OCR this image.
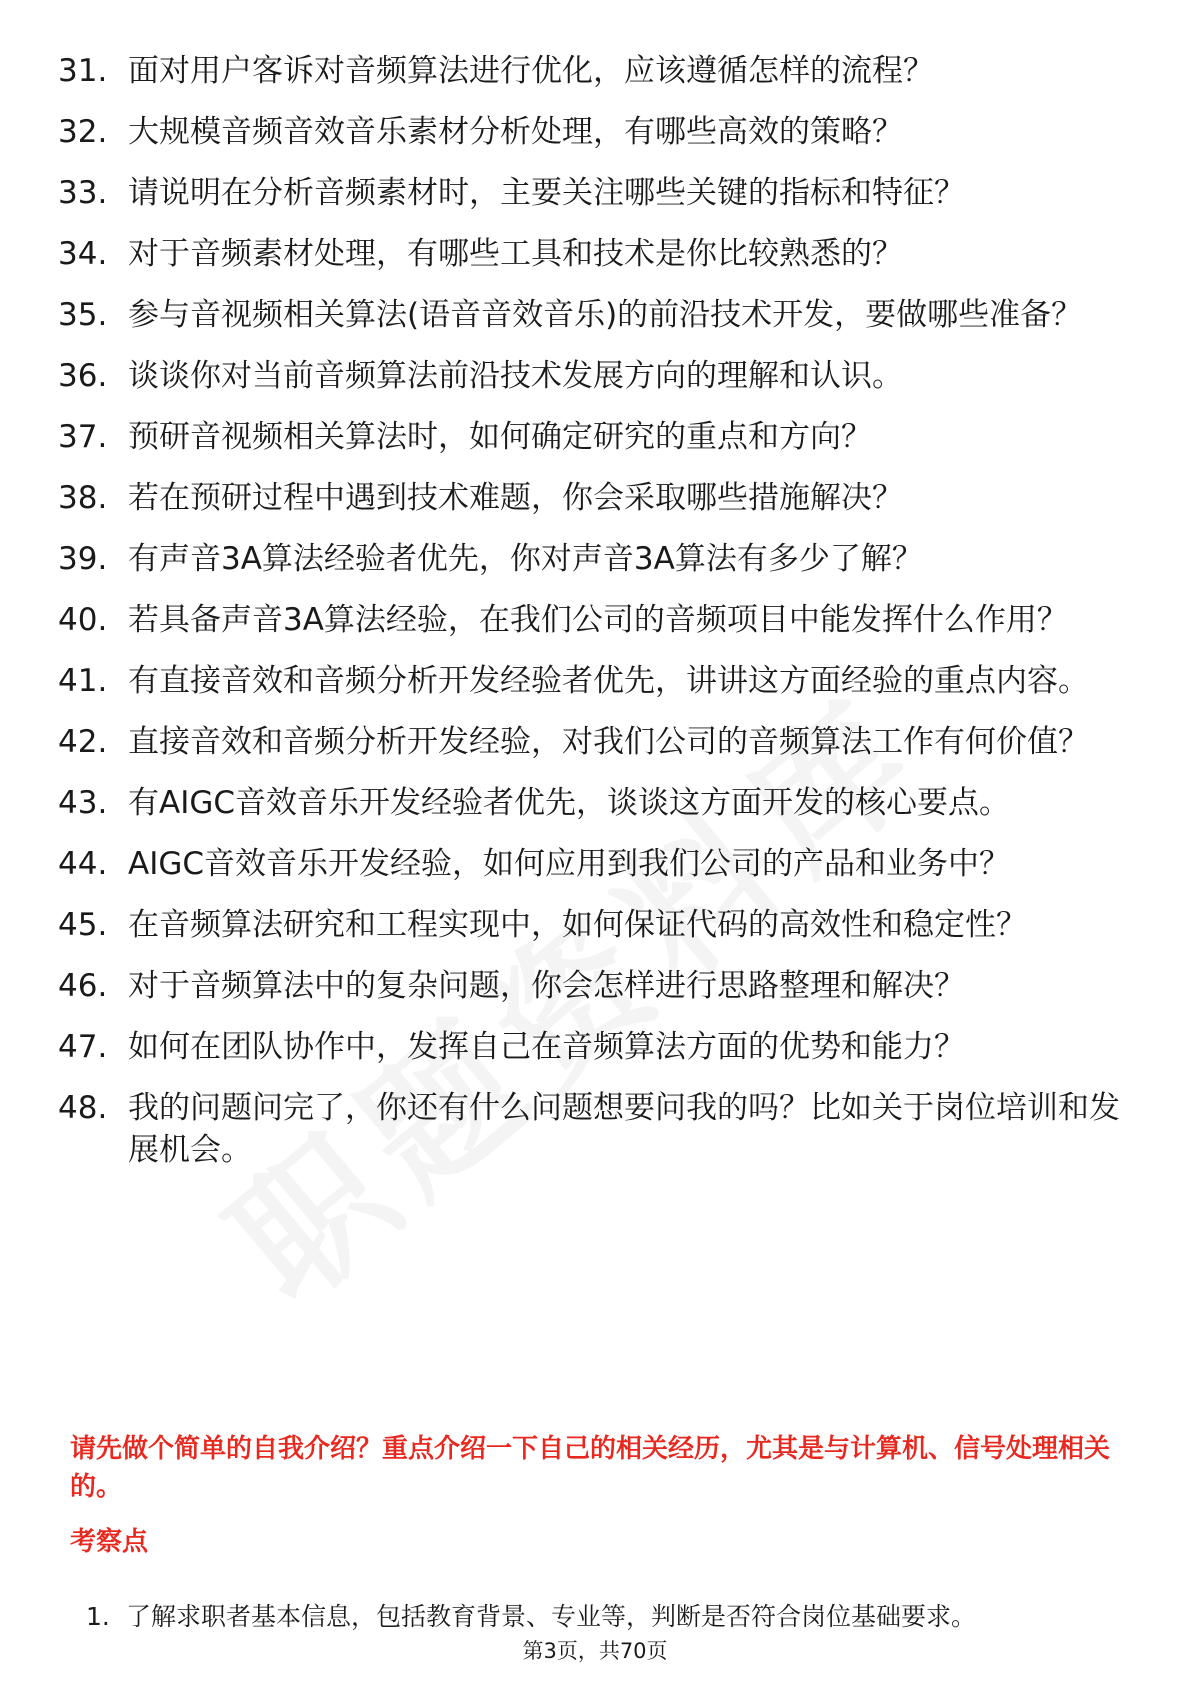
31. 面对用户客诉对音频算法进行优化，应该遵循怎样的流程？
32. 大规模音频音效音乐素材分析处理，有哪些高效的策略？
33. 请说明在分析音频素材时，主要关注哪些关键的指标和特征？
34. 对于音频素材处理，有哪些工具和技术是你比较熟悉的？
35. 参与音视频相关算法(语音音效音乐)的前沿技术开发，要做哪些准备？
36. 谈谈你对当前音频算法前沿技术发展方向的理解和认识。
37. 预研音视频相关算法时，如何确定研究的重点和方向？
38. 若在预研过程中遇到技术难题，你会采取哪些措施解决？
39. 有声音3A算法经验者优先，你对声音3A算法有多少了解？
40. 若具备声音3A算法经验，在我们公司的音频项目中能发挥什么作用？
41. 有直接音效和音频分析开发经验者优先，讲讲这方面经验的重点内容。
42. 直接音效和音频分析开发经验，对我们公司的音频算法工作有何价值？
43. 有AIGC音效音乐开发经验者优先，谈谈这方面开发的核心要点。
44. AIGC音效音乐开发经验，如何应用到我们公司的产品和业务中？
45. 在音频算法研究和工程实现中，如何保证代码的高效性和稳定性？
46. 对于音频算法中的复杂问题，你会怎样进行思路整理和解决？
47. 如何在团队协作中，发挥自己在音频算法方面的优势和能力？
48. 我的问题问完了，你还有什么问题想要问我的吗？比如关于岗位培训和发展机会。
请先做个简单的自我介绍？重点介绍一下自己的相关经历，尤其是与计算机、信号处理相关的。
考察点
1. 了解求职者基本信息，包括教育背景、专业等，判断是否符合岗位基础要求。
第3页，共70页
